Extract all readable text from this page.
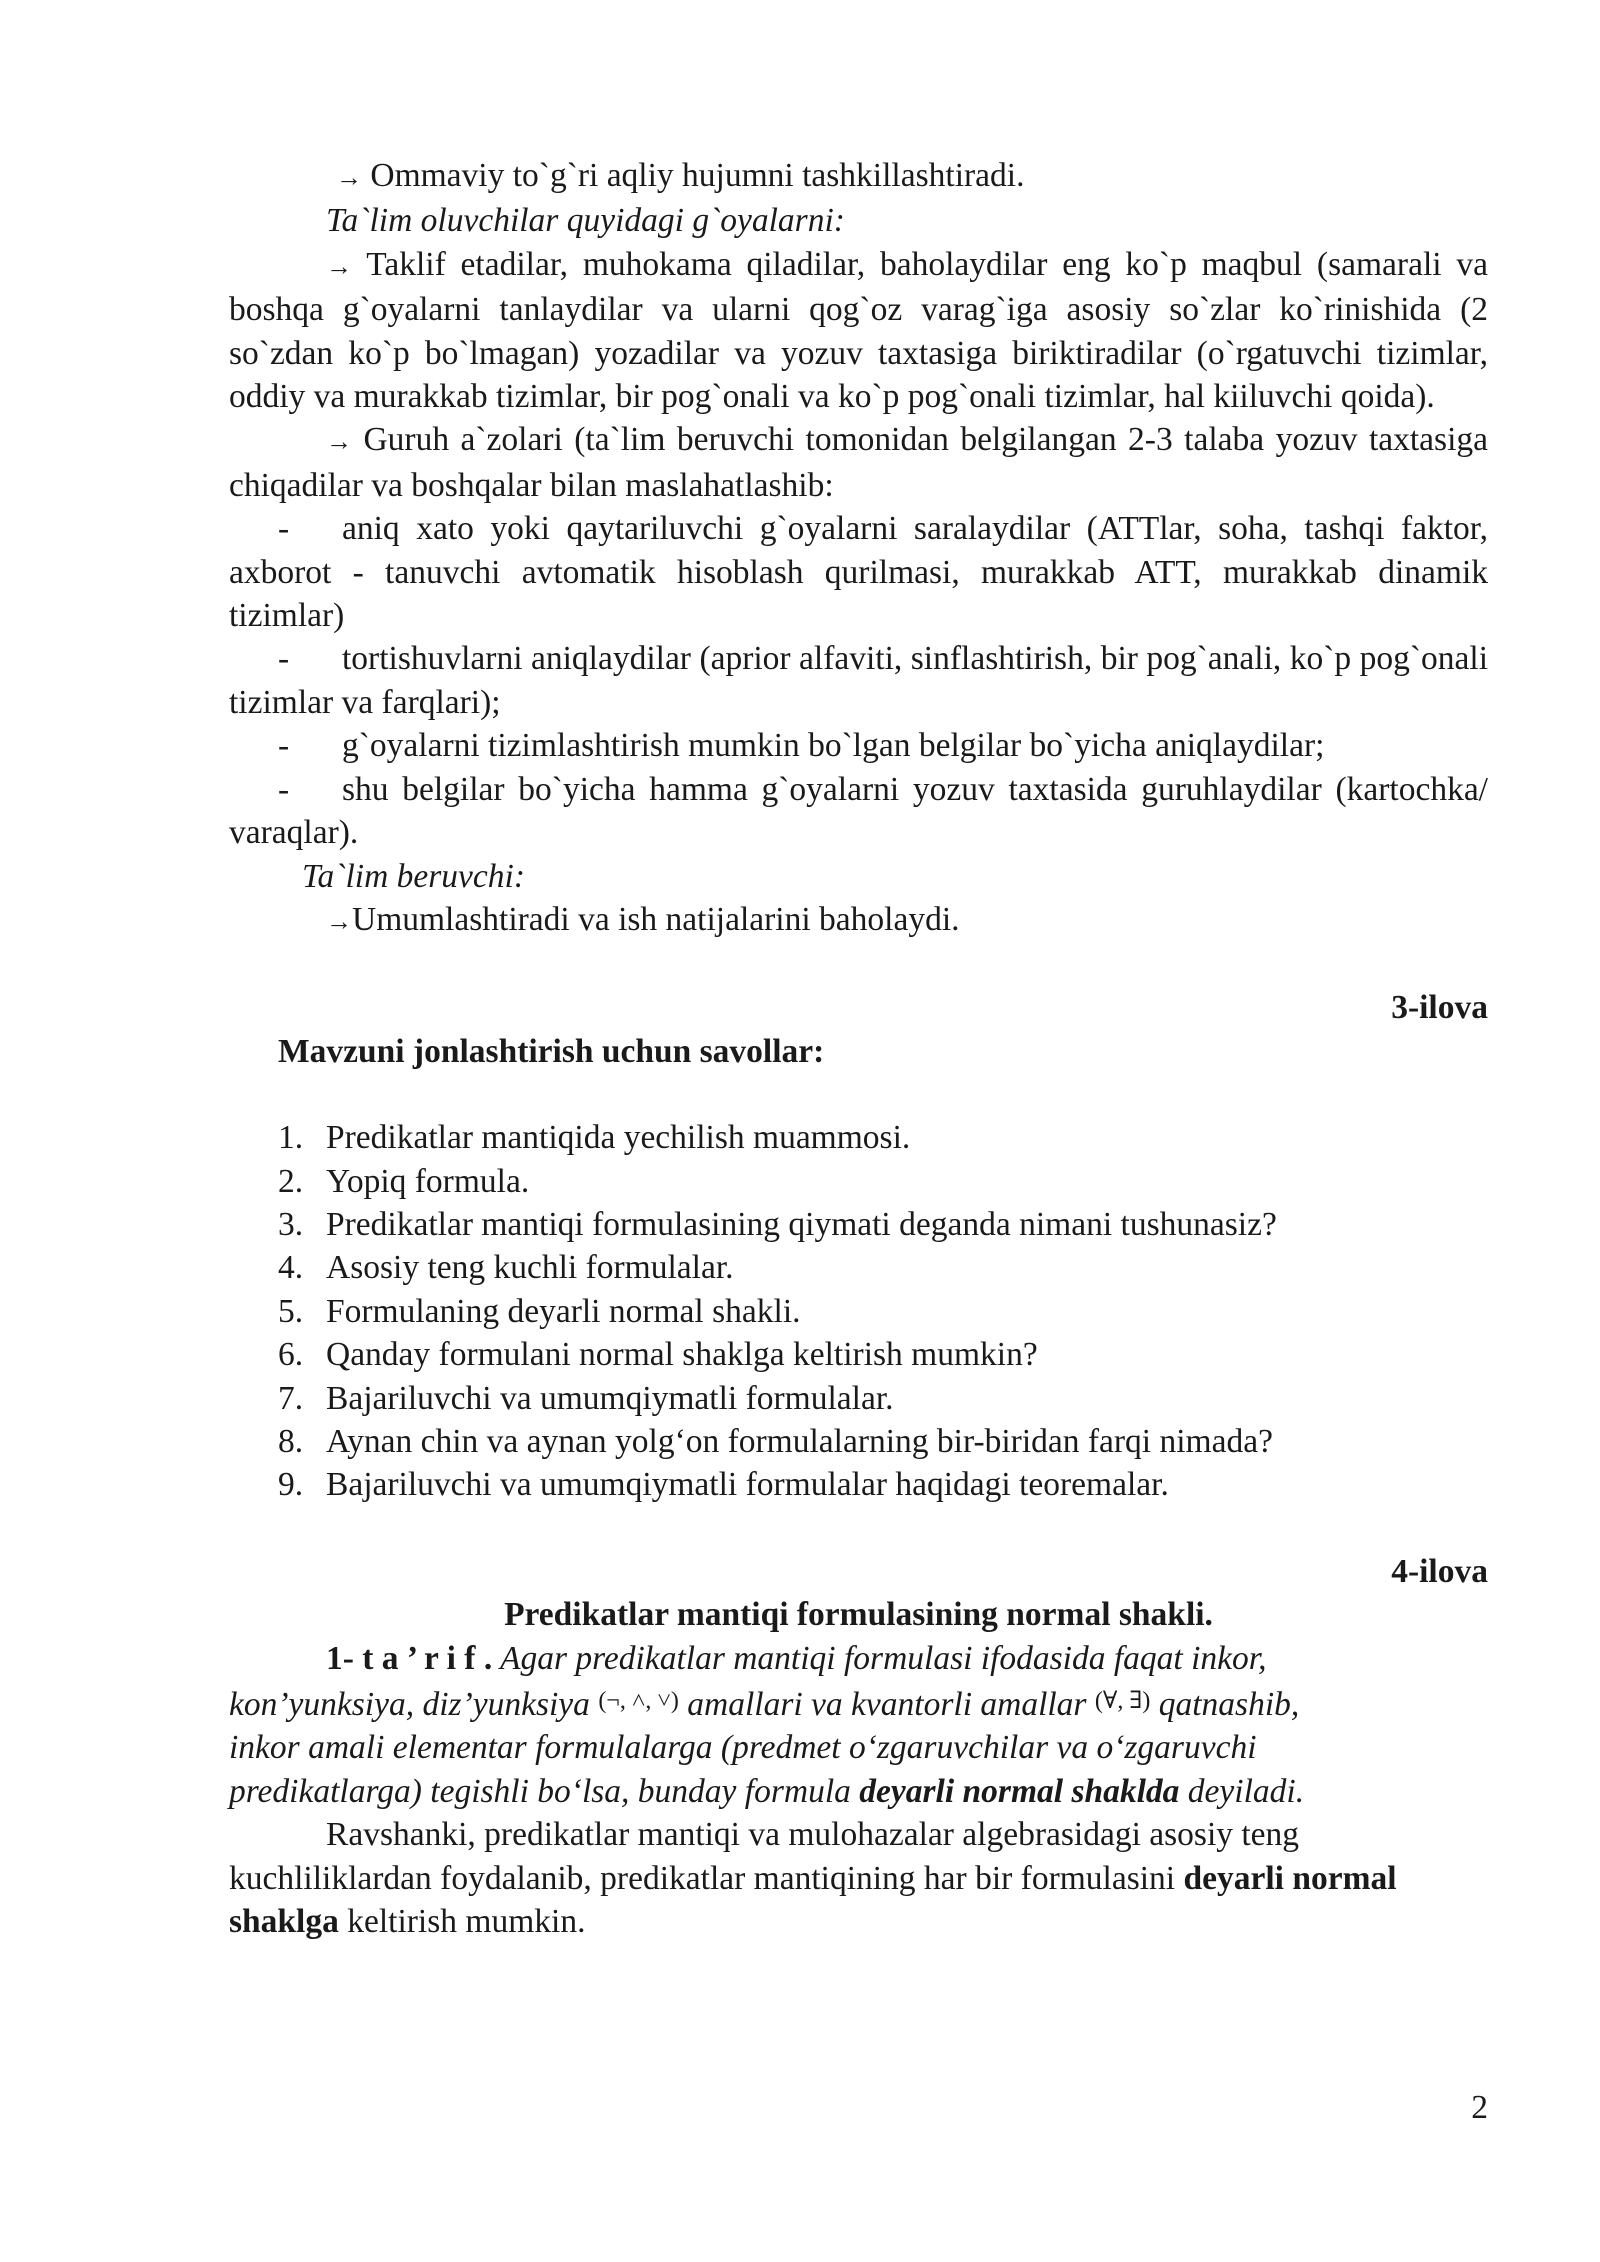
→ Ommaviy to`g`ri aqliy hujumni tashkillashtiradi.

Ta`lim oluvchilar quyidagi g`oyalarni:

→ Taklif etadilar, muhokama qiladilar, baholaydilar eng ko`p maqbul (samarali va boshqa g`oyalarni tanlaydilar va ularni qog`oz varag`iga asosiy so`zlar ko`rinishida (2 so`zdan ko`p bo`lmagan) yozadilar va yozuv taxtasiga biriktiradilar (o`rgatuvchi tizimlar, oddiy va murakkab tizimlar, bir pog`onali va ko`p pog`onali tizimlar, hal kiiluvchi qoida).

→ Guruh a`zolari (ta`lim beruvchi tomonidan belgilangan 2-3 talaba yozuv taxtasiga chiqadilar va boshqalar bilan maslahatlashib:

- aniq xato yoki qaytariluvchi g`oyalarni saralaydilar (ATTlar, soha, tashqi faktor, axborot - tanuvchi avtomatik hisoblash qurilmasi, murakkab ATT, murakkab dinamik tizimlar)

- tortishuvlarni aniqlaydilar (aprior alfaviti, sinflashtirish, bir pog`anali, ko`p pog`onali tizimlar va farqlari);

- g`oyalarni tizimlashtirish mumkin bo`lgan belgilar bo`yicha aniqlaydilar;

- shu belgilar bo`yicha hamma g`oyalarni yozuv taxtasida guruhlaydilar (kartochka/ varaqlar).

Ta`lim beruvchi:

→Umumlashtiradi va ish natijalarini baholaydi.

3-ilova

Mavzuni jonlashtirish uchun savollar:

1. Predikatlar mantiqida yechilish muammosi.
2. Yopiq formula.
3. Predikatlar mantiqi formulasining qiymati deganda nimani tushunasiz?
4. Asosiy teng kuchli formulalar.
5. Formulaning deyarli normal shakli.
6. Qanday formulani normal shaklga keltirish mumkin?
7. Bajariluvchi va umumqiymatli formulalar.
8. Aynan chin va aynan yolg‘on formulalarning bir-biridan farqi nimada?
9. Bajariluvchi va umumqiymatli formulalar haqidagi teoremalar.

4-ilova

Predikatlar mantiqi formulasining normal shakli.

1- t a ’ r i f . Agar predikatlar mantiqi formulasi ifodasida faqat inkor, kon’yunksiya, diz’yunksiya (¬, ˄, ˅) amallari va kvantorli amallar (∀, ∃) qatnashib, inkor amali elementar formulalarga (predmet o‘zgaruvchilar va o‘zgaruvchi predikatlarga) tegishli bo‘lsa, bunday formula deyarli normal shakldа deyiladi.

Ravshanki, predikatlar mantiqi va mulohazalar algebrasidagi asosiy teng kuchliliklardan foydalanib, predikatlar mantiqining har bir formulasini deyarli normal shaklga keltirish mumkin.

2
